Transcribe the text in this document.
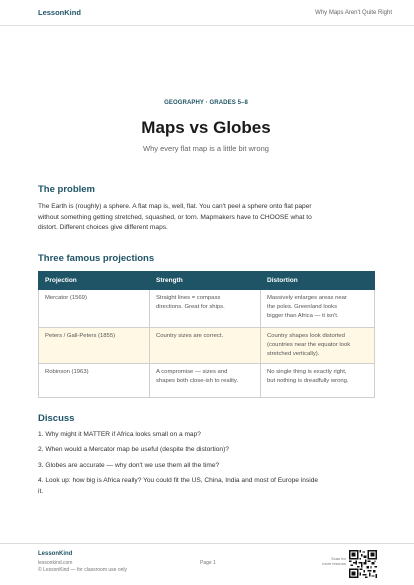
LessonKind	Why Maps Aren't Quite Right
GEOGRAPHY · GRADES 5–8
Maps vs Globes
Why every flat map is a little bit wrong
The problem

The Earth is (roughly) a sphere. A flat map is, well, flat. You can't peel a sphere onto flat paper
without something getting stretched, squashed, or torn. Mapmakers have to CHOOSE what to
distort. Different choices give different maps.

Three famous projections
Projection	Strength	Distortion
Mercator (1569)	Straight lines = compass
directions. Great for ships.	Massively enlarges areas near
the poles. Greenland looks
bigger than Africa — it isn't.
Peters / Gall-Peters (1855)	Country sizes are correct.	Country shapes look distorted
(countries near the equator look
stretched vertically).
Robinson (1963)	A compromise — sizes and
shapes both close-ish to reality.	No single thing is exactly right,
but nothing is dreadfully wrong.
Discuss

1. Why might it MATTER if Africa looks small on a map?

2. When would a Mercator map be useful (despite the distortion)?

3. Globes are accurate — why don't we use them all the time?

4. Look up: how big is Africa really? You could fit the US, China, India and most of Europe inside
it.

LessonKind
lessonkind.com
© LessonKind — for classroom use only
Page 1
Scan for
more lessons
